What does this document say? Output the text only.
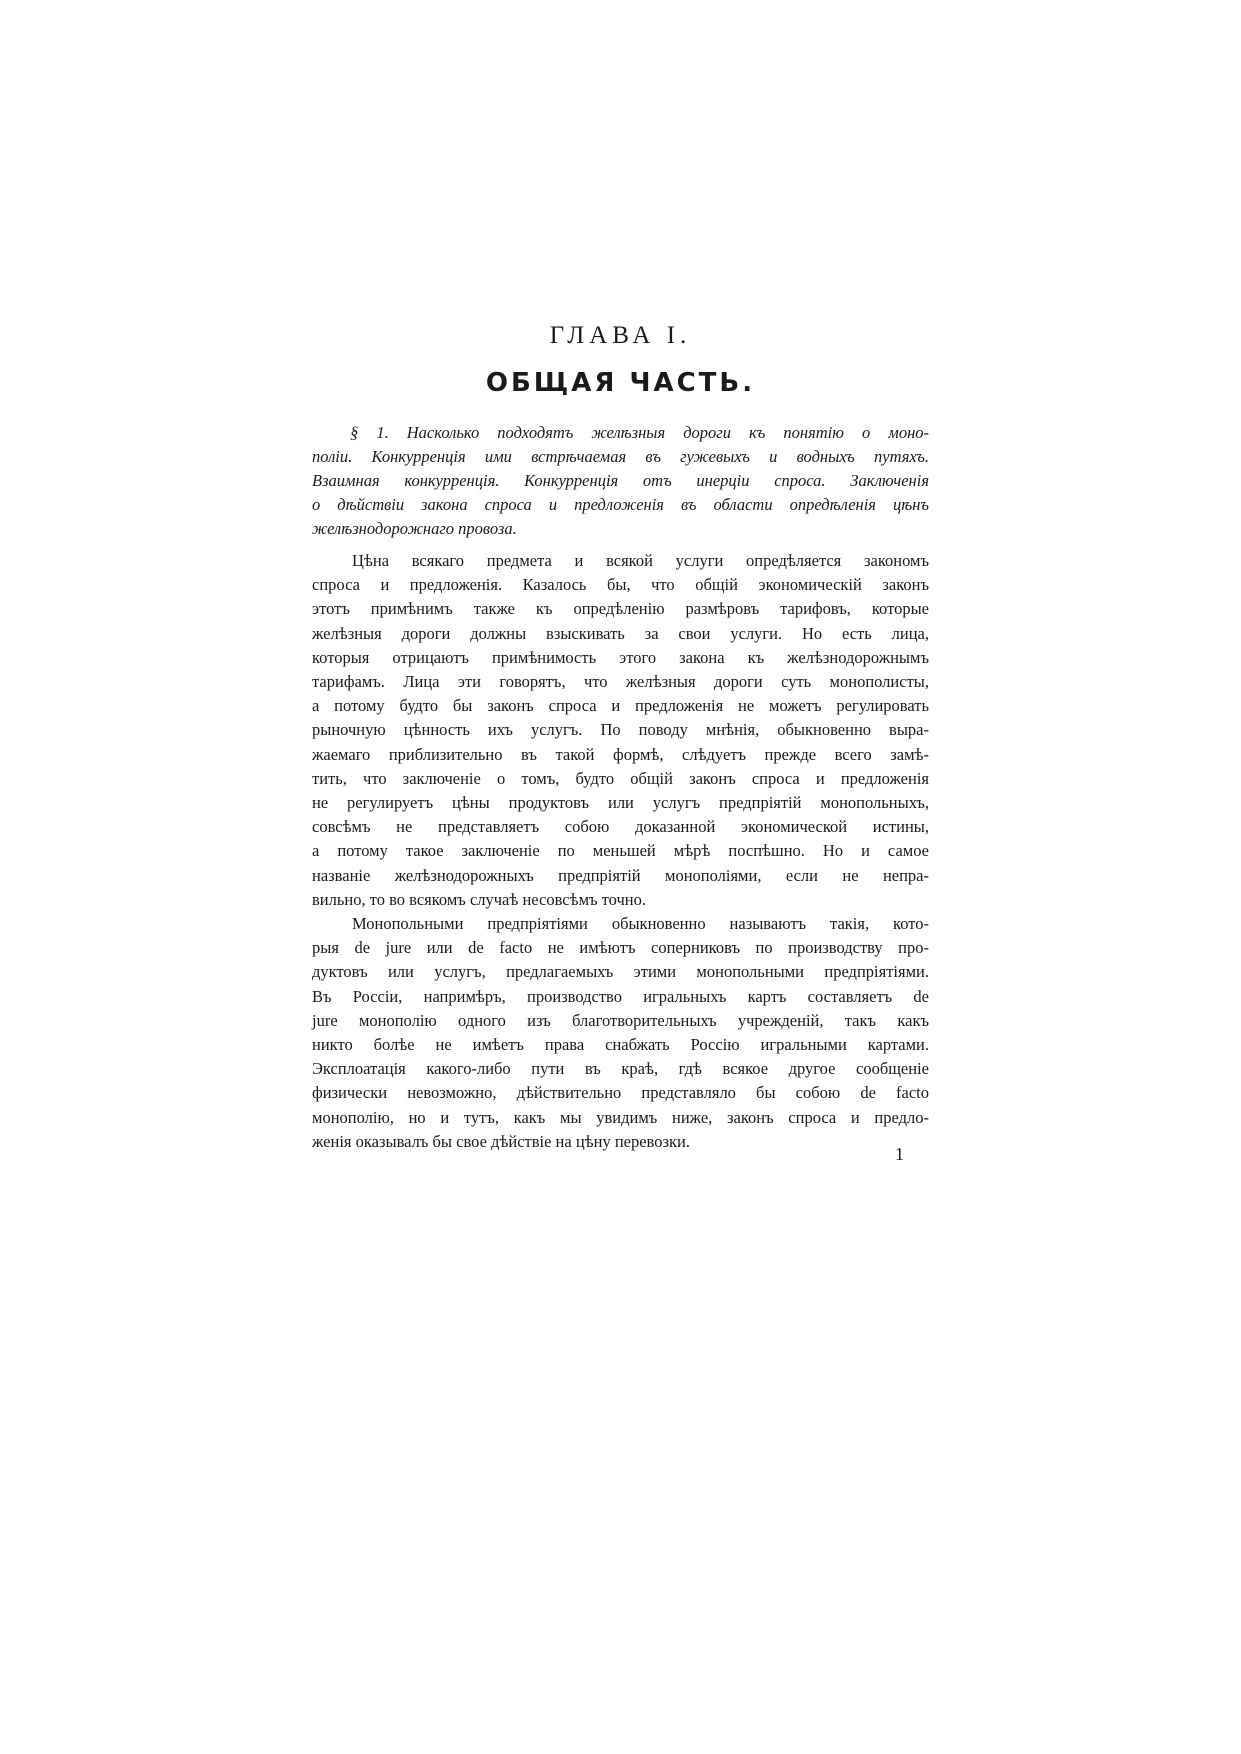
ГЛАВА I.
ОБЩАЯ ЧАСТЬ.
§ 1. Насколько подходятъ желѣзныя дороги къ понятію о моно-
поліи. Конкурренція ими встрѣчаемая въ гужевыхъ и водныхъ путяхъ.
Взаимная конкурренція. Конкурренція отъ инерціи спроса. Заключенія
о дѣйствіи закона спроса и предложенія въ области опредѣленія цѣнъ
желѣзнодорожнаго провоза.
Цѣна всякаго предмета и всякой услуги опредѣляется закономъ
спроса и предложенія. Казалось бы, что общій экономическій законъ
этотъ примѣнимъ также къ опредѣленію размѣровъ тарифовъ, которые
желѣзныя дороги должны взыскивать за свои услуги. Но есть лица,
которыя отрицаютъ примѣнимость этого закона къ желѣзнодорожнымъ
тарифамъ. Лица эти говорятъ, что желѣзныя дороги суть монополисты,
а потому будто бы законъ спроса и предложенія не можетъ регулировать
рыночную цѣнность ихъ услугъ. По поводу мнѣнія, обыкновенно выра-
жаемаго приблизительно въ такой формѣ, слѣдуетъ прежде всего замѣ-
тить, что заключеніе о томъ, будто общій законъ спроса и предложенія
не регулируетъ цѣны продуктовъ или услугъ предпріятій монопольныхъ,
совсѣмъ не представляетъ собою доказанной экономической истины,
а потому такое заключеніе по меньшей мѣрѣ поспѣшно. Но и самое
названіе желѣзнодорожныхъ предпріятій монополіями, если не непра-
вильно, то во всякомъ случаѣ несовсѣмъ точно.
Монопольными предпріятіями обыкновенно называютъ такія, кото-
рыя de jure или de facto не имѣютъ соперниковъ по производству про-
дуктовъ или услугъ, предлагаемыхъ этими монопольными предпріятіями.
Въ Россіи, напримѣръ, производство игральныхъ картъ составляетъ de
jure монополію одного изъ благотворительныхъ учрежденій, такъ какъ
никто болѣе не имѣетъ права снабжать Россію игральными картами.
Эксплоатація какого-либо пути въ краѣ, гдѣ всякое другое сообщеніе
физически невозможно, дѣйствительно представляло бы собою de facto
монополію, но и тутъ, какъ мы увидимъ ниже, законъ спроса и предло-
женія оказывалъ бы свое дѣйствіе на цѣну перевозки.
1
